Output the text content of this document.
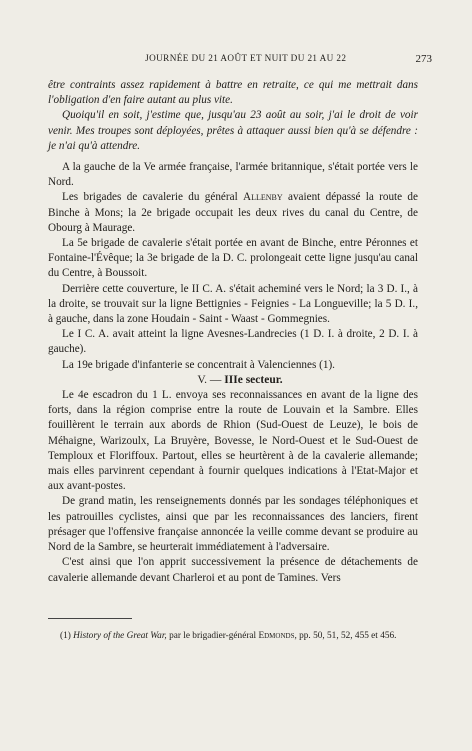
JOURNÉE DU 21 AOÛT ET NUIT DU 21 AU 22	273

être contraints assez rapidement à battre en retraite, ce qui me mettrait dans l'obligation d'en faire autant au plus vite.

Quoiqu'il en soit, j'estime que, jusqu'au 23 août au soir, j'ai le droit de voir venir. Mes troupes sont déployées, prêtes à attaquer aussi bien qu'à se défendre : je n'ai qu'à attendre.

A la gauche de la Ve armée française, l'armée britannique, s'était portée vers le Nord.

Les brigades de cavalerie du général Allenby avaient dépassé la route de Binche à Mons; la 2e brigade occupait les deux rives du canal du Centre, de Obourg à Maurage.

La 5e brigade de cavalerie s'était portée en avant de Binche, entre Péronnes et Fontaine-l'Évêque; la 3e brigade de la D. C. prolongeait cette ligne jusqu'au canal du Centre, à Boussoit.

Derrière cette couverture, le II C. A. s'était acheminé vers le Nord; la 3 D. I., à la droite, se trouvait sur la ligne Bettignies - Feignies - La Longueville; la 5 D. I., à gauche, dans la zone Houdain - Saint - Waast - Gommegnies.

Le I C. A. avait atteint la ligne Avesnes-Landrecies (1 D. I. à droite, 2 D. I. à gauche).

La 19e brigade d'infanterie se concentrait à Valenciennes (1).

V. — IIIe secteur.

Le 4e escadron du 1 L. envoya ses reconnaissances en avant de la ligne des forts, dans la région comprise entre la route de Louvain et la Sambre. Elles fouillèrent le terrain aux abords de Rhion (Sud-Ouest de Leuze), le bois de Méhaigne, Warizoulx, La Bruyère, Bovesse, le Nord-Ouest et le Sud-Ouest de Temploux et Floriffoux. Partout, elles se heurtèrent à de la cavalerie allemande; mais elles parvinrent cependant à fournir quelques indications à l'Etat-Major et aux avant-postes.

De grand matin, les renseignements donnés par les sondages téléphoniques et les patrouilles cyclistes, ainsi que par les reconnaissances des lanciers, firent présager que l'offensive française annoncée la veille comme devant se produire au Nord de la Sambre, se heurterait immédiatement à l'adversaire.

C'est ainsi que l'on apprit successivement la présence de détachements de cavalerie allemande devant Charleroi et au pont de Tamines. Vers

(1) History of the Great War, par le brigadier-général Edmonds, pp. 50, 51, 52, 455 et 456.
